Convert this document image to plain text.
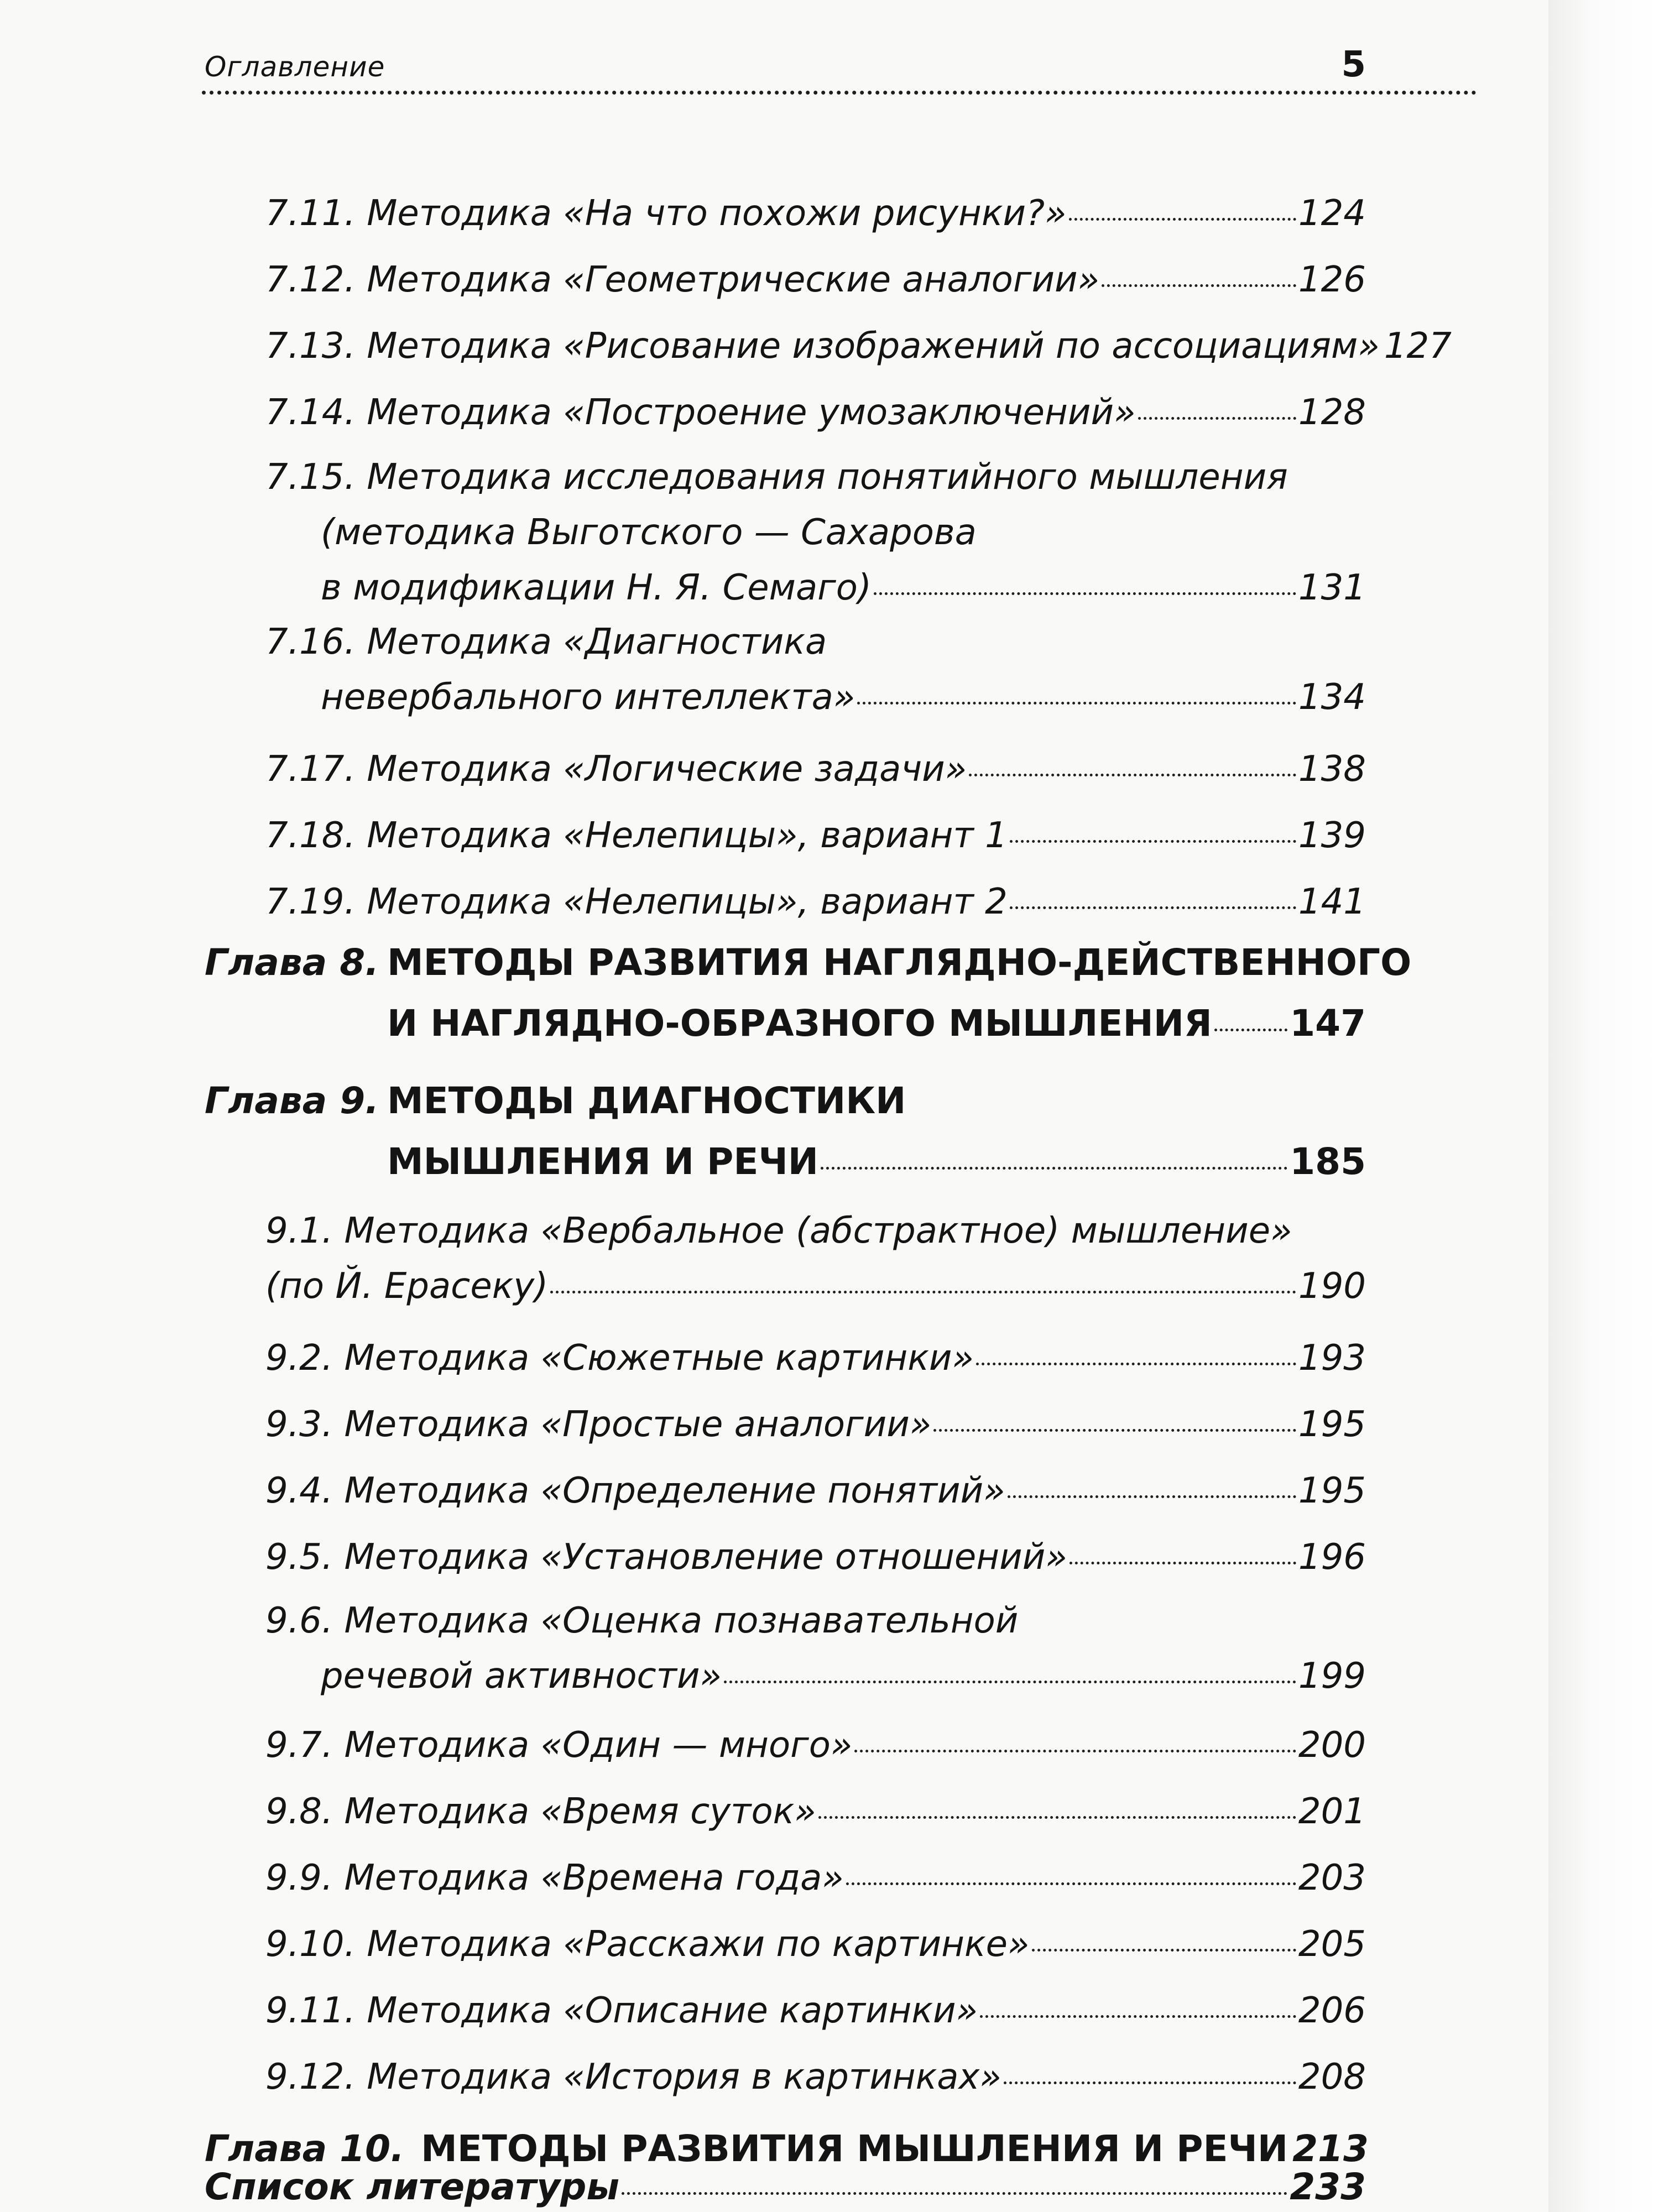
Оглавление	5
7.11. Методика «На что похожи рисунки?»	124
7.12. Методика «Геометрические аналогии»	126
7.13. Методика «Рисование изображений по ассоциациям» 127
7.14. Методика «Построение умозаключений»	128
7.15. Методика исследования понятийного мышления
(методика Выготского — Сахарова
в модификации Н. Я. Семаго)	131
7.16. Методика «Диагностика
невербального интеллекта»	134
7.17. Методика «Логические задачи»	138
7.18. Методика «Нелепицы», вариант 1	139
7.19. Методика «Нелепицы», вариант 2	141
Глава 8. МЕТОДЫ РАЗВИТИЯ НАГЛЯДНО-ДЕЙСТВЕННОГО
И НАГЛЯДНО-ОБРАЗНОГО МЫШЛЕНИЯ 147
Глава 9. МЕТОДЫ ДИАГНОСТИКИ
МЫШЛЕНИЯ И РЕЧИ	185
9.1. Методика «Вербальное (абстрактное) мышление»
(по Й. Ерасеку)	190
9.2. Методика «Сюжетные картинки»	193
9.3. Методика «Простые аналогии»	195
9.4. Методика «Определение понятий»	195
9.5. Методика «Установление отношений»	196
9.6. Методика «Оценка познавательной
речевой активности»	199
9.7. Методика «Один — много»	200
9.8. Методика «Время суток»	201
9.9. Методика «Времена года»	203
9.10. Методика «Расскажи по картинке»	205
9.11. Методика «Описание картинки»	206
9.12. Методика «История в картинках»	208
Глава 10. МЕТОДЫ РАЗВИТИЯ МЫШЛЕНИЯ И РЕЧИ 213
Список литературы	233
